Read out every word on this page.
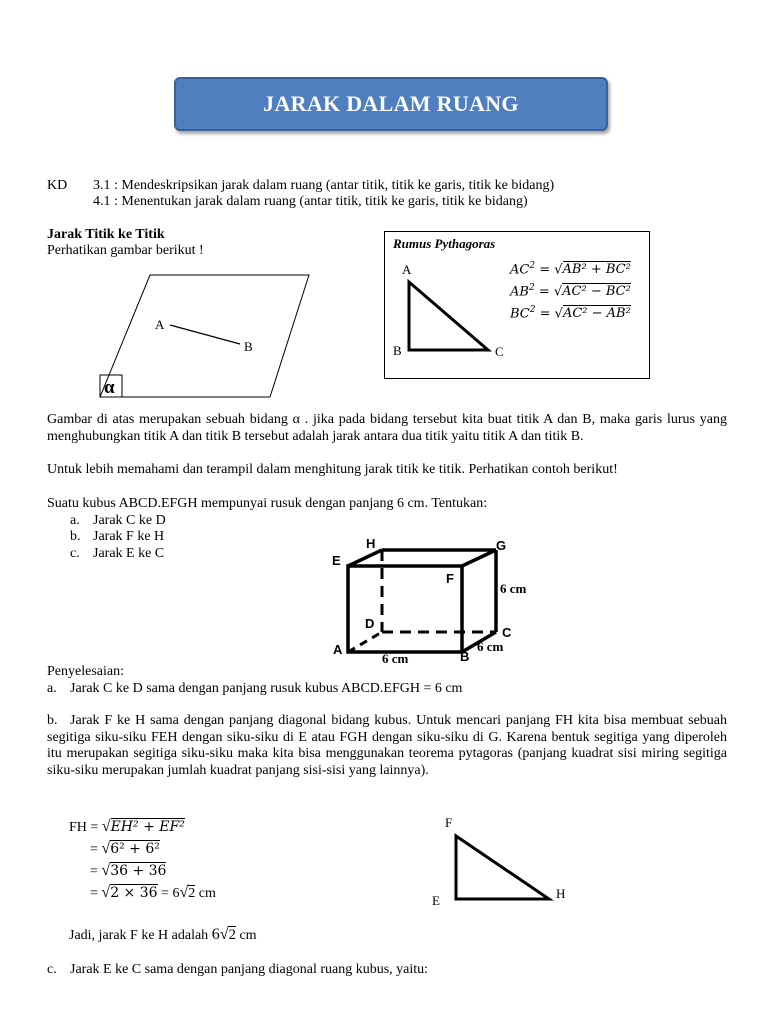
JARAK DALAM RUANG
KD 3.1 : Mendeskripsikan jarak dalam ruang (antar titik, titik ke garis, titik ke bidang)
4.1 : Menentukan jarak dalam ruang (antar titik, titik ke garis, titik ke bidang)
Jarak Titik ke Titik
Perhatikan gambar berikut !
A
B
α
Rumus Pythagoras
A
B	C
$AC^2 = √AB^2 + BC^2$
$AB^2 = √AC^2 - BC^2$
$BC^2 = √AC^2 - AB^2$
Gambar di atas merupakan sebuah bidang α . jika pada bidang tersebut kita buat titik A dan B, maka garis lurus yang menghubungkan titik A dan titik B tersebut adalah jarak antara dua titik yaitu titik A dan titik B.
Untuk lebih memahami dan terampil dalam menghitung jarak titik ke titik. Perhatikan contoh berikut!
Suatu kubus ABCD.EFGH mempunyai rusuk dengan panjang 6 cm. Tentukan:
a. Jarak C ke D
b. Jarak F ke H
c. Jarak E ke C	E
H	G
F
D
C
A	B
6 cm
6 cm
6 cm
Penyelesaian:
a. Jarak C ke D sama dengan panjang rusuk kubus ABCD.EFGH = 6 cm
b. Jarak F ke H sama dengan panjang diagonal bidang kubus. Untuk mencari panjang FH kita bisa membuat sebuah segitiga siku-siku FEH dengan siku-siku di E atau FGH dengan siku-siku di G. Karena bentuk segitiga yang diperoleh itu merupakan segitiga siku-siku maka kita bisa menggunakan teorema pytagoras (panjang kuadrat sisi miring segitiga siku-siku merupakan jumlah kuadrat panjang sisi-sisi yang lainnya).
FH = √EH² + EF²
= √6² + 6²
= √36 + 36
= √2 × 36 = 6√2 cm
F
E	H
Jadi, jarak F ke H adalah 6√2 cm
c. Jarak E ke C sama dengan panjang diagonal ruang kubus, yaitu:
